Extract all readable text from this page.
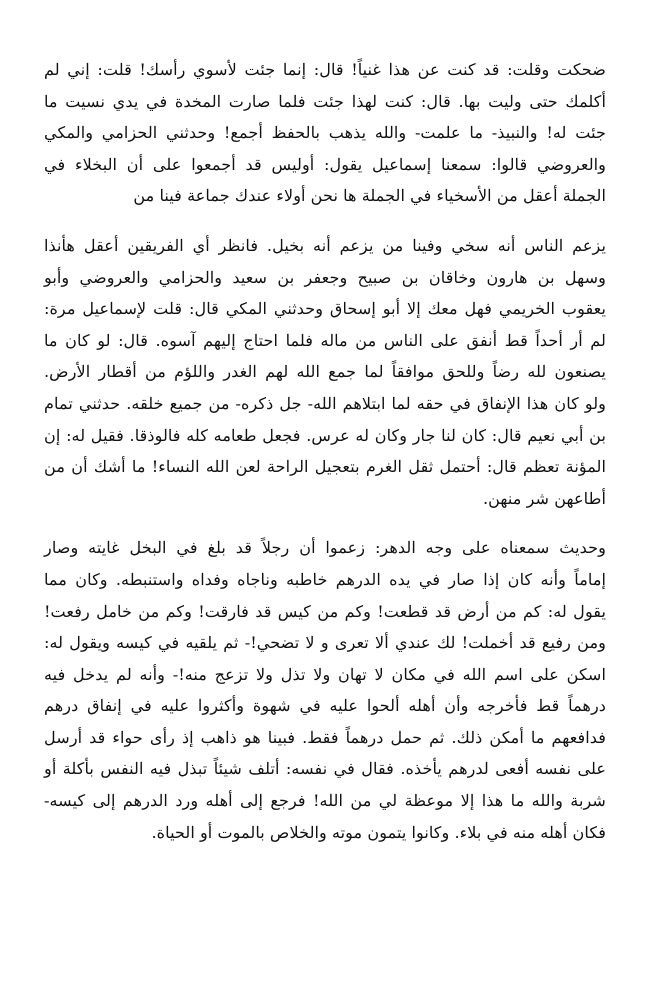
ضحكت وقلت: قد كنت عن هذا غنياً! قال: إنما جئت لأسوي رأسك! قلت: إني لم
أكلمك حتى وليت بها. قال: كنت لهذا جئت فلما صارت المخدة في يدي نسيت ما
جئت له! والنبيذ- ما علمت- والله يذهب بالحفظ أجمع! وحدثني الحزامي والمكي
والعروضي قالوا: سمعنا إسماعيل يقول: أوليس قد أجمعوا على أن البخلاء في
الجملة أعقل من الأسخياء في الجملة ها نحن أولاء عندك جماعة فينا من

يزعم الناس أنه سخي وفينا من يزعم أنه بخيل. فانظر أي الفريقين أعقل هأنذا
وسهل بن هارون وخاقان بن صبيح وجعفر بن سعيد والحزامي والعروضي وأبو
يعقوب الخريمي فهل معك إلا أبو إسحاق وحدثني المكي قال: قلت لإسماعيل مرة:
لم أر أحداً قط أنفق على الناس من ماله فلما احتاج إليهم آسوه. قال: لو كان ما
يصنعون لله رضاً وللحق موافقاً لما جمع الله لهم الغدر واللؤم من أقطار الأرض.
ولو كان هذا الإنفاق في حقه لما ابتلاهم الله- جل ذكره- من جميع خلقه. حدثني تمام
بن أبي نعيم قال: كان لنا جار وكان له عرس. فجعل طعامه كله فالوذقا. فقيل له: إن
المؤنة تعظم قال: أحتمل ثقل الغرم بتعجيل الراحة لعن الله النساء! ما أشك أن من
أطاعهن شر منهن.

وحديث سمعناه على وجه الدهر: زعموا أن رجلاً قد بلغ في البخل غايته وصار
إماماً وأنه كان إذا صار في يده الدرهم خاطبه وناجاه وفداه واستنبطه. وكان مما
يقول له: كم من أرض قد قطعت! وكم من كيس قد فارقت! وكم من خامل رفعت!
ومن رفيع قد أخملت! لك عندي ألا تعرى و لا تضحي!- ثم يلقيه في كيسه ويقول له:
اسكن على اسم الله في مكان لا تهان ولا تذل ولا تزعج منه!- وأنه لم يدخل فيه
درهماً قط فأخرجه وأن أهله ألحوا عليه في شهوة وأكثروا عليه في إنفاق درهم
فدافعهم ما أمكن ذلك. ثم حمل درهماً فقط. فبينا هو ذاهب إذ رأى حواء قد أرسل
على نفسه أفعى لدرهم يأخذه. فقال في نفسه: أتلف شيئاً تبذل فيه النفس بأكلة أو
شربة والله ما هذا إلا موعظة لي من الله! فرجع إلى أهله ورد الدرهم إلى كيسه-
فكان أهله منه في بلاء. وكانوا يتمون موته والخلاص بالموت أو الحياة.
